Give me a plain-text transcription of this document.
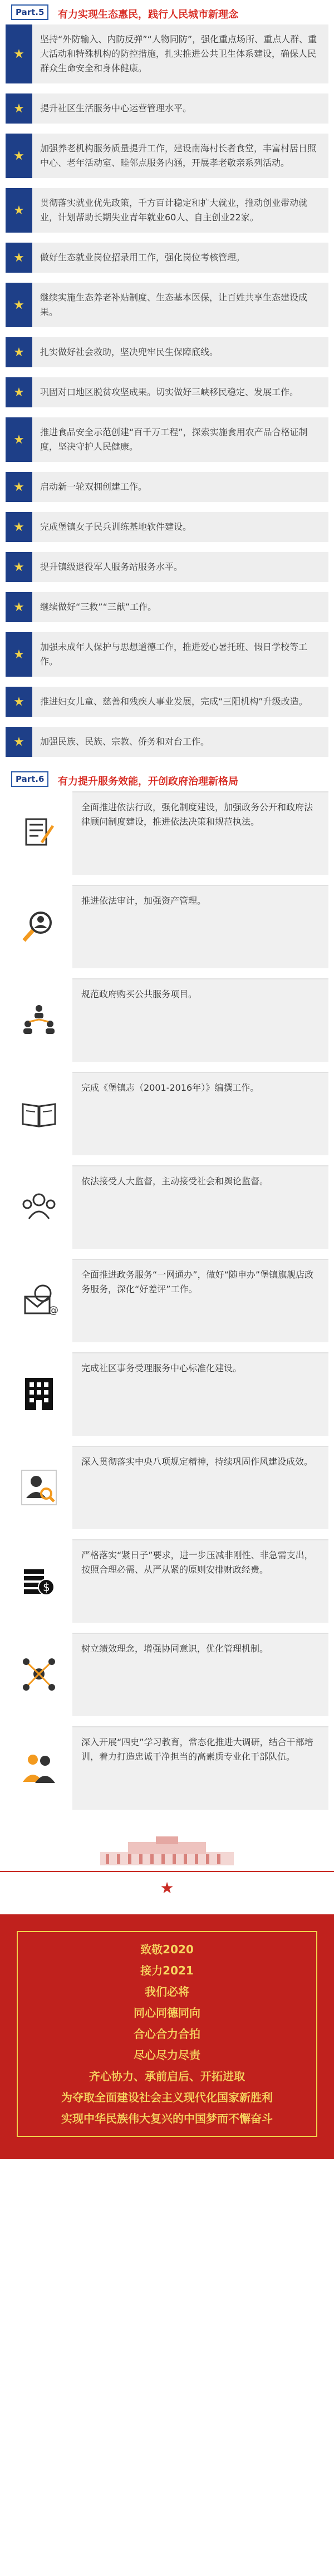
Part.5	有力实现生态惠民，践行人民城市新理念
★
坚持“外防输入、内防反弹”“人物同防”，强化重点场所、重点人群、重大活动和特殊机构的防控措施，扎实推进公共卫生体系建设，确保人民群众生命安全和身体健康。
★	提升社区生活服务中心运营管理水平。
★
加强养老机构服务质量提升工作，建设南海村长者食堂，丰富村居日照中心、老年活动室、睦邻点服务内涵，开展孝老敬亲系列活动。
★
贯彻落实就业优先政策，千方百计稳定和扩大就业，推动创业带动就业，计划帮助长期失业青年就业60人、自主创业22家。
★	做好生态就业岗位招录用工作，强化岗位考核管理。
★
继续实施生态养老补贴制度、生态基本医保，让百姓共享生态建设成果。
★	扎实做好社会救助，坚决兜牢民生保障底线。
★	巩固对口地区脱贫攻坚成果。切实做好三峡移民稳定、发展工作。
★
推进食品安全示范创建“百千万工程”，探索实施食用农产品合格证制度，坚决守护人民健康。
★	启动新一轮双拥创建工作。
★	完成堡镇女子民兵训练基地软件建设。
★	提升镇级退役军人服务站服务水平。
★	继续做好“三救”“三献”工作。
★
加强未成年人保护与思想道德工作，推进爱心暑托班、假日学校等工作。
★	推进妇女儿童、慈善和残疾人事业发展，完成“三阳机构”升级改造。
★	加强民族、民族、宗教、侨务和对台工作。
Part.6	有力提升服务效能，开创政府治理新格局
全面推进依法行政，强化制度建设，加强政务公开和政府法律顾问制度建设，推进依法决策和规范执法。
推进依法审计，加强资产管理。
规范政府购买公共服务项目。
完成《堡镇志（2001-2016年）》编撰工作。
依法接受人大监督，主动接受社会和舆论监督。
@
全面推进政务服务“一网通办”，做好“随申办”堡镇旗舰店政务服务，深化“好差评”工作。
完成社区事务受理服务中心标准化建设。
深入贯彻落实中央八项规定精神，持续巩固作风建设成效。
$
严格落实“紧日子”要求，进一步压减非刚性、非急需支出，按照合理必需、从严从紧的原则安排财政经费。
树立绩效理念，增强协同意识，优化管理机制。
深入开展“四史”学习教育，常态化推进大调研，结合干部培训，着力打造忠诚干净担当的高素质专业化干部队伍。
★
致敬2020
接力2021
我们必将
同心同德同向
合心合力合拍
尽心尽力尽责
齐心协力、承前启后、开拓进取
为夺取全面建设社会主义现代化国家新胜利
实现中华民族伟大复兴的中国梦而不懈奋斗
